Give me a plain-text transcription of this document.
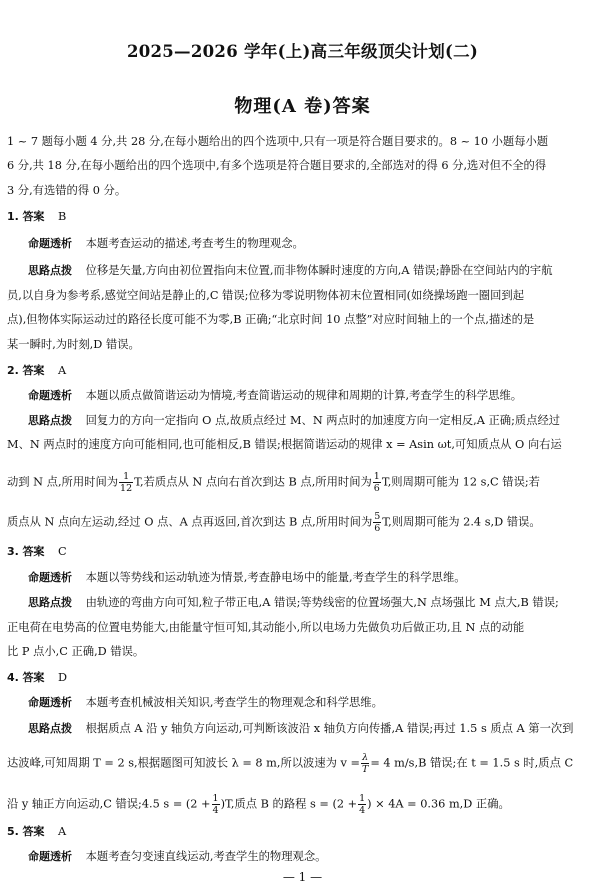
2025—2026 学年(上)高三年级顶尖计划(二)
物理(A 卷)答案
1 ~ 7 题每小题 4 分,共 28 分,在每小题给出的四个选项中,只有一项是符合题目要求的。8 ~ 10 小题每小题
6 分,共 18 分,在每小题给出的四个选项中,有多个选项是符合题目要求的,全部选对的得 6 分,选对但不全的得
3 分,有选错的得 0 分。
1. 答案 B
命题透析 本题考查运动的描述,考查考生的物理观念。
思路点拨 位移是矢量,方向由初位置指向末位置,而非物体瞬时速度的方向,A 错误;静卧在空间站内的宇航
员,以自身为参考系,感觉空间站是静止的,C 错误;位移为零说明物体初末位置相同(如绕操场跑一圈回到起
点),但物体实际运动过的路径长度可能不为零,B 正确;“北京时间 10 点整”对应时间轴上的一个点,描述的是
某一瞬时,为时刻,D 错误。
2. 答案 A
命题透析 本题以质点做简谐运动为情境,考查简谐运动的规律和周期的计算,考查学生的科学思维。
思路点拨 回复力的方向一定指向 O 点,故质点经过 M、N 两点时的加速度方向一定相反,A 正确;质点经过
M、N 两点时的速度方向可能相同,也可能相反,B 错误;根据简谐运动的规律 x = Asin ωt,可知质点从 O 向右运
动到 N 点,所用时间为 $\frac{1}{12} T$,若质点从 N 点向右首次到达 B 点,所用时间为 $\frac{1}{6} T$,则周期可能为 12 s,C 错误;若
质点从 N 点向左运动,经过 O 点、A 点再返回,首次到达 B 点,所用时间为 $\frac{5}{6} T$,则周期可能为 2.4 s,D 错误。
3. 答案 C
命题透析 本题以等势线和运动轨迹为情景,考查静电场中的能量,考查学生的科学思维。
思路点拨 由轨迹的弯曲方向可知,粒子带正电,A 错误;等势线密的位置场强大,N 点场强比 M 点大,B 错误;
正电荷在电势高的位置电势能大,由能量守恒可知,其动能小,所以电场力先做负功后做正功,且 N 点的动能
比 P 点小,C 正确,D 错误。
4. 答案 D
命题透析 本题考查机械波相关知识,考查学生的物理观念和科学思维。
思路点拨 根据质点 A 沿 y 轴负方向运动,可判断该波沿 x 轴负方向传播,A 错误;再过 1.5 s 质点 A 第一次到
达波峰,可知周期 T = 2 s,根据题图可知波长 λ = 8 m,所以波速为 $v = \frac{\lambda}{T} = 4$ m/s,B 错误;在 t = 1.5 s 时,质点 C
沿 y 轴正方向运动,C 错误;4.5 $s = (2 + \frac{1}{4} )T$,质点 B 的路程 $s = (2 + \frac{1}{4}$ ) × 4A = 0.36 m,D 正确。
5. 答案 A
命题透析 本题考查匀变速直线运动,考查学生的物理观念。
— 1 —
